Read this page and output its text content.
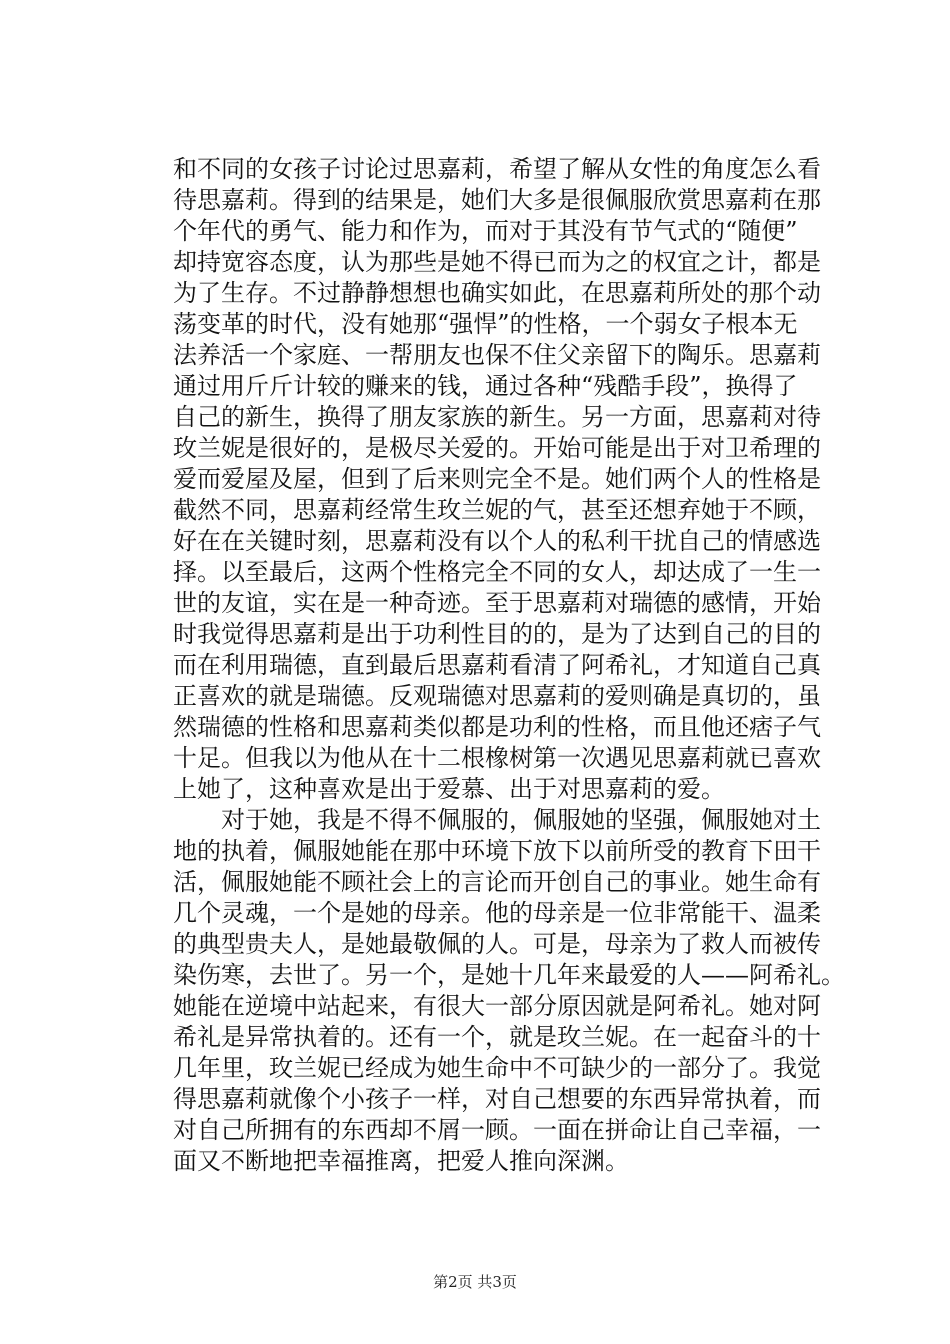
和不同的女孩子讨论过思嘉莉，希望了解从女性的角度怎么看
待思嘉莉。得到的结果是，她们大多是很佩服欣赏思嘉莉在那
个年代的勇气、能力和作为，而对于其没有节气式的“随便”
却持宽容态度，认为那些是她不得已而为之的权宜之计，都是
为了生存。不过静静想想也确实如此，在思嘉莉所处的那个动
荡变革的时代，没有她那“强悍”的性格，一个弱女子根本无
法养活一个家庭、一帮朋友也保不住父亲留下的陶乐。思嘉莉
通过用斤斤计较的赚来的钱，通过各种“残酷手段”，换得了
自己的新生，换得了朋友家族的新生。另一方面，思嘉莉对待
玫兰妮是很好的，是极尽关爱的。开始可能是出于对卫希理的
爱而爱屋及屋，但到了后来则完全不是。她们两个人的性格是
截然不同，思嘉莉经常生玫兰妮的气，甚至还想弃她于不顾，
好在在关键时刻，思嘉莉没有以个人的私利干扰自己的情感选
择。以至最后，这两个性格完全不同的女人，却达成了一生一
世的友谊，实在是一种奇迹。至于思嘉莉对瑞德的感情，开始
时我觉得思嘉莉是出于功利性目的的，是为了达到自己的目的
而在利用瑞德，直到最后思嘉莉看清了阿希礼，才知道自己真
正喜欢的就是瑞德。反观瑞德对思嘉莉的爱则确是真切的，虽
然瑞德的性格和思嘉莉类似都是功利的性格，而且他还痞子气
十足。但我以为他从在十二根橡树第一次遇见思嘉莉就已喜欢
上她了，这种喜欢是出于爱慕、出于对思嘉莉的爱。
对于她，我是不得不佩服的，佩服她的坚强，佩服她对土
地的执着，佩服她能在那中环境下放下以前所受的教育下田干
活，佩服她能不顾社会上的言论而开创自己的事业。她生命有
几个灵魂，一个是她的母亲。他的母亲是一位非常能干、温柔
的典型贵夫人，是她最敬佩的人。可是，母亲为了救人而被传
染伤寒，去世了。另一个，是她十几年来最爱的人——阿希礼。
她能在逆境中站起来，有很大一部分原因就是阿希礼。她对阿
希礼是异常执着的。还有一个，就是玫兰妮。在一起奋斗的十
几年里，玫兰妮已经成为她生命中不可缺少的一部分了。我觉
得思嘉莉就像个小孩子一样，对自己想要的东西异常执着，而
对自己所拥有的东西却不屑一顾。一面在拼命让自己幸福，一
面又不断地把幸福推离，把爱人推向深渊。
第2页 共3页
